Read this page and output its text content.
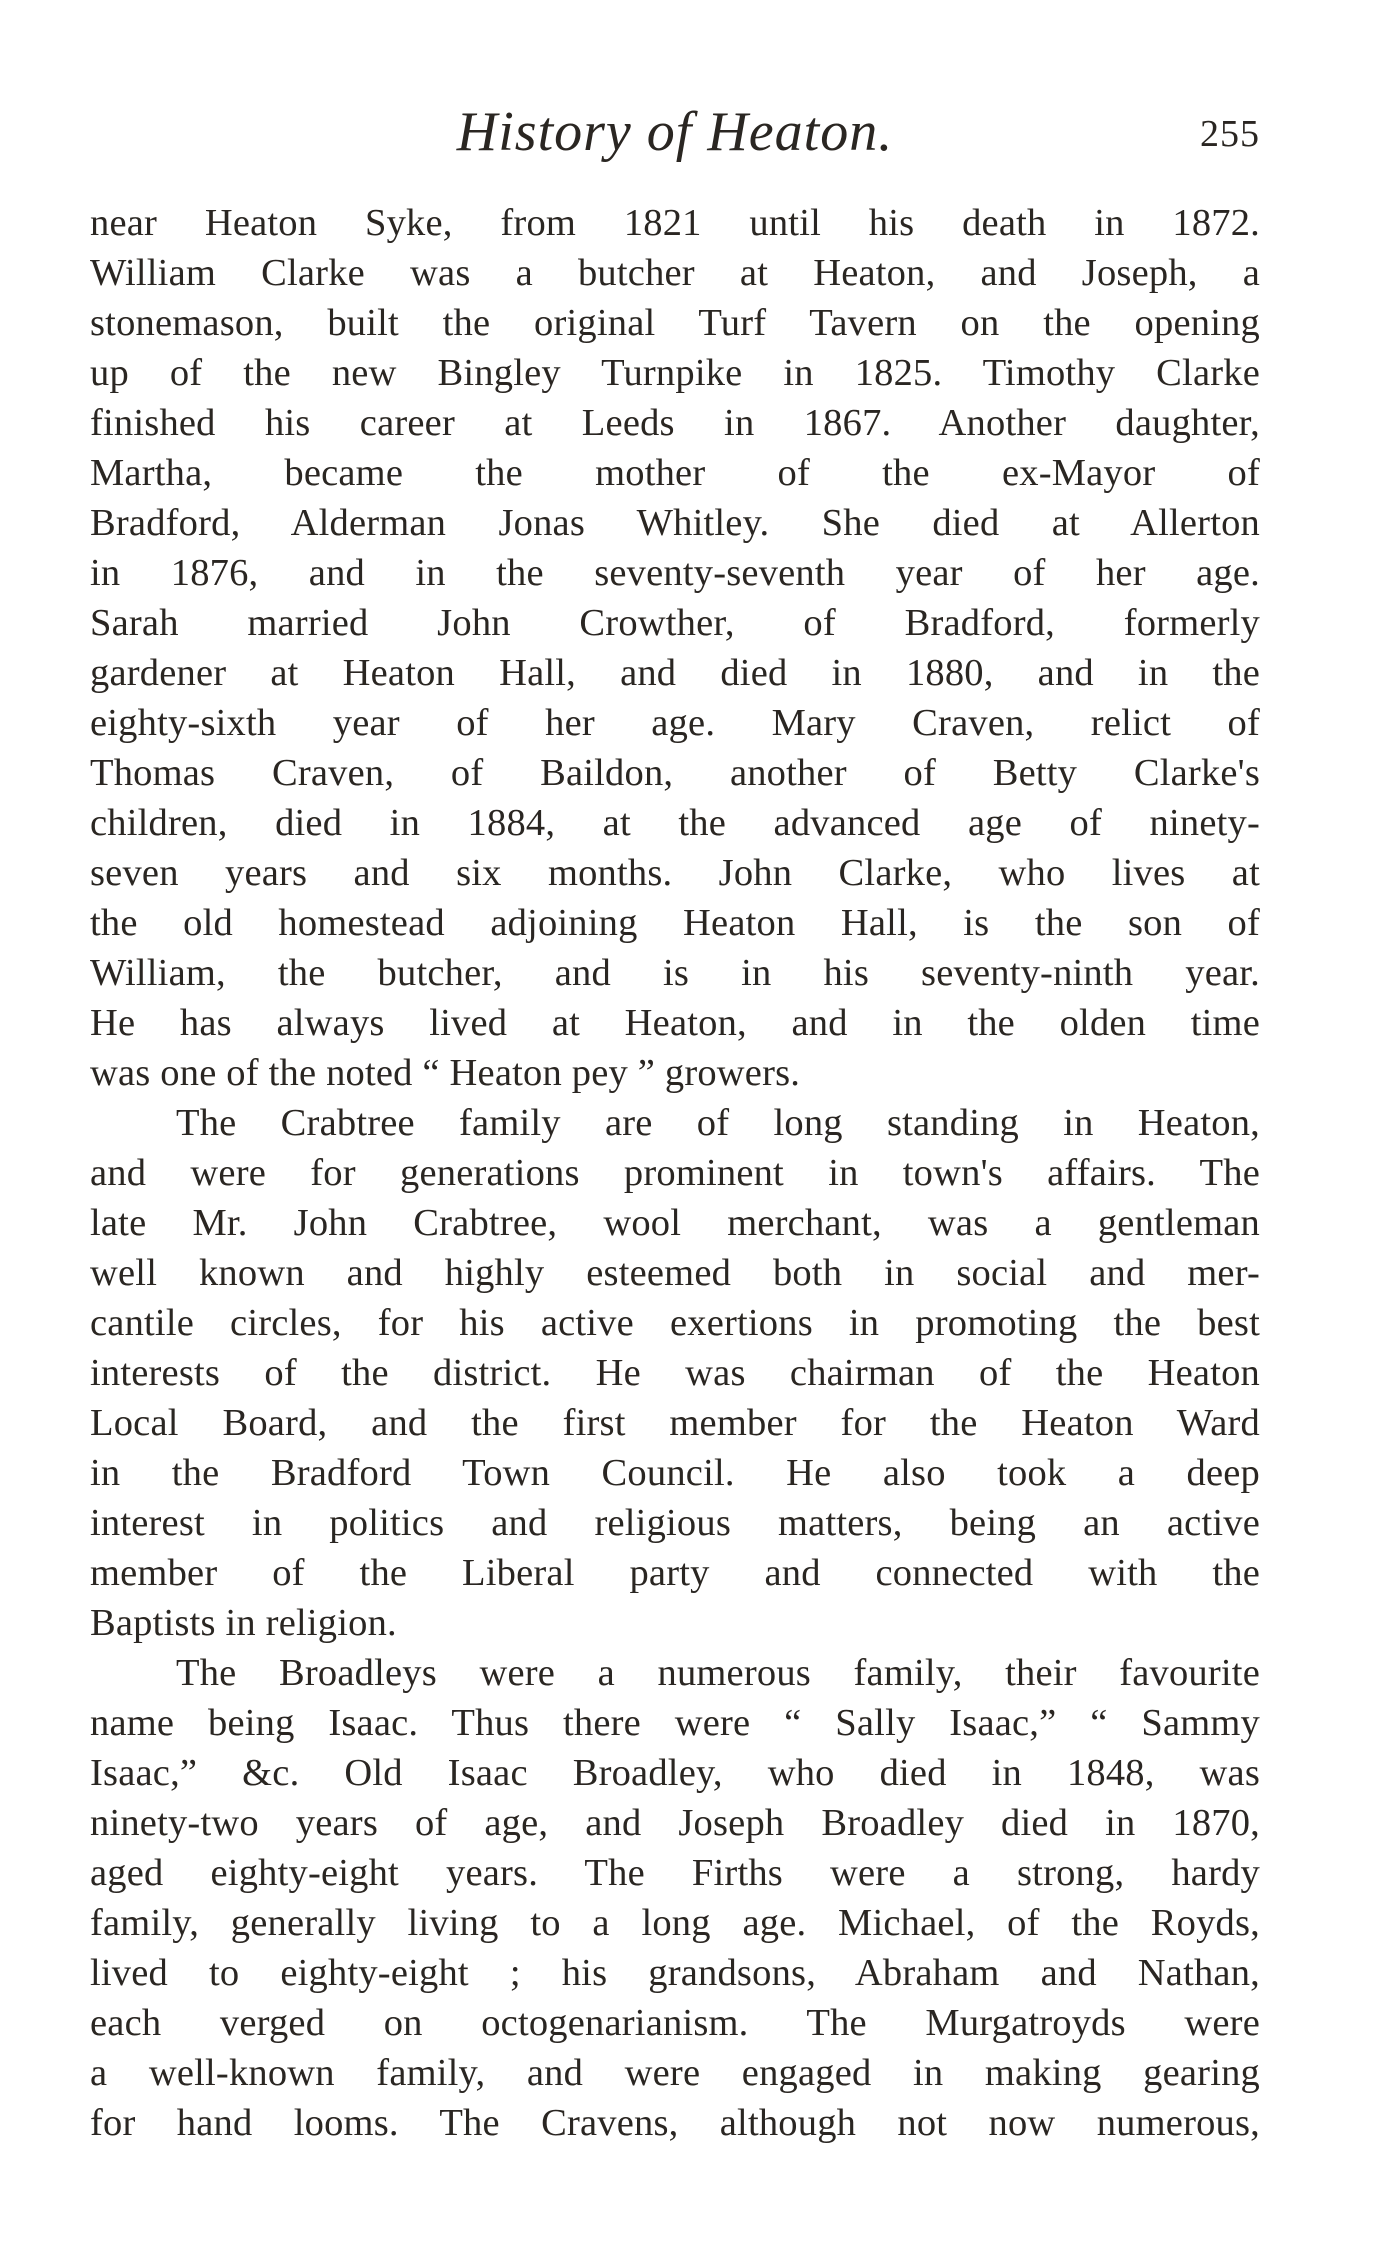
History of Heaton.	255
near Heaton Syke, from 1821 until his death in 1872.
William Clarke was a butcher at Heaton, and Joseph, a
stonemason, built the original Turf Tavern on the opening
up of the new Bingley Turnpike in 1825. Timothy Clarke
finished his career at Leeds in 1867. Another daughter,
Martha, became the mother of the ex-Mayor of
Bradford, Alderman Jonas Whitley. She died at Allerton
in 1876, and in the seventy-seventh year of her age.
Sarah married John Crowther, of Bradford, formerly
gardener at Heaton Hall, and died in 1880, and in the
eighty-sixth year of her age. Mary Craven, relict of
Thomas Craven, of Baildon, another of Betty Clarke's
children, died in 1884, at the advanced age of ninety-
seven years and six months. John Clarke, who lives at
the old homestead adjoining Heaton Hall, is the son of
William, the butcher, and is in his seventy-ninth year.
He has always lived at Heaton, and in the olden time
was one of the noted “ Heaton pey ” growers.
The Crabtree family are of long standing in Heaton,
and were for generations prominent in town's affairs. The
late Mr. John Crabtree, wool merchant, was a gentleman
well known and highly esteemed both in social and mer-
cantile circles, for his active exertions in promoting the best
interests of the district. He was chairman of the Heaton
Local Board, and the first member for the Heaton Ward
in the Bradford Town Council. He also took a deep
interest in politics and religious matters, being an active
member of the Liberal party and connected with the
Baptists in religion.
The Broadleys were a numerous family, their favourite
name being Isaac. Thus there were “ Sally Isaac,” “ Sammy
Isaac,” &c. Old Isaac Broadley, who died in 1848, was
ninety-two years of age, and Joseph Broadley died in 1870,
aged eighty-eight years. The Firths were a strong, hardy
family, generally living to a long age. Michael, of the Royds,
lived to eighty-eight ; his grandsons, Abraham and Nathan,
each verged on octogenarianism. The Murgatroyds were
a well-known family, and were engaged in making gearing
for hand looms. The Cravens, although not now numerous,
